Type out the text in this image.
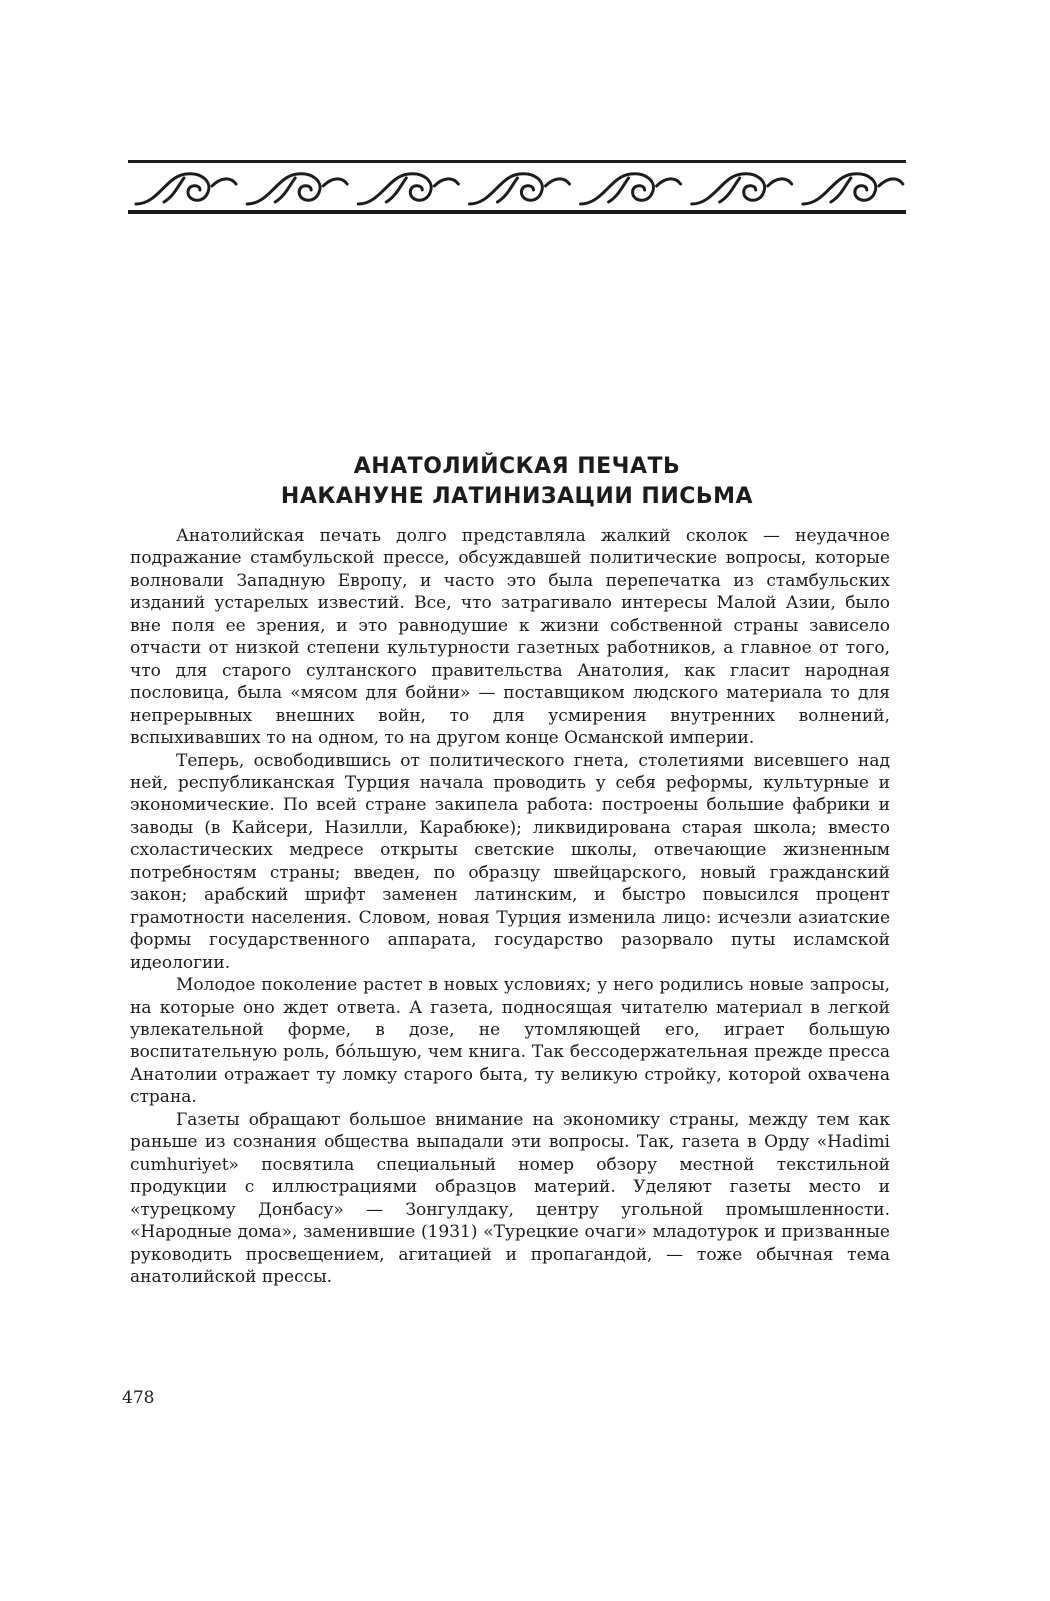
АНАТОЛИЙСКАЯ ПЕЧАТЬ
НАКАНУНЕ ЛАТИНИЗАЦИИ ПИСЬМА

Анатолийская печать долго представляла жалкий сколок — неудачное подражание стамбульской прессе, обсуждавшей политические вопросы, которые волновали Западную Европу, и часто это была перепечатка из стамбульских изданий устарелых известий. Все, что затрагивало интересы Малой Азии, было вне поля ее зрения, и это равнодушие к жизни собственной страны зависело отчасти от низкой степени культурности газетных работников, а главное от того, что для старого султанского правительства Анатолия, как гласит народная пословица, была «мясом для бойни» — поставщиком людского материала то для непрерывных внешних войн, то для усмирения внутренних волнений, вспыхивавших то на одном, то на другом конце Османской империи.

Теперь, освободившись от политического гнета, столетиями висевшего над ней, республиканская Турция начала проводить у себя реформы, культурные и экономические. По всей стране закипела работа: построены большие фабрики и заводы (в Кайсери, Назилли, Карабюке); ликвидирована старая школа; вместо схоластических медресе открыты светские школы, отвечающие жизненным потребностям страны; введен, по образцу швейцарского, новый гражданский закон; арабский шрифт заменен латинским, и быстро повысился процент грамотности населения. Словом, новая Турция изменила лицо: исчезли азиатские формы государственного аппарата, государство разорвало путы исламской идеологии.

Молодое поколение растет в новых условиях; у него родились новые запросы, на которые оно ждет ответа. А газета, подносящая читателю материал в легкой увлекательной форме, в дозе, не утомляющей его, играет большую воспитательную роль, бóльшую, чем книга. Так бессодержательная прежде пресса Анатолии отражает ту ломку старого быта, ту великую стройку, которой охвачена страна.

Газеты обращают большое внимание на экономику страны, между тем как раньше из сознания общества выпадали эти вопросы. Так, газета в Орду «Hadimi cumhuriyet» посвятила специальный номер обзору местной текстильной продукции с иллюстрациями образцов материй. Уделяют газеты место и «турецкому Донбасу» — Зонгулдаку, центру угольной промышленности. «Народные дома», заменившие (1931) «Турецкие очаги» младотурок и призванные руководить просвещением, агитацией и пропагандой, — тоже обычная тема анатолийской прессы.

478
